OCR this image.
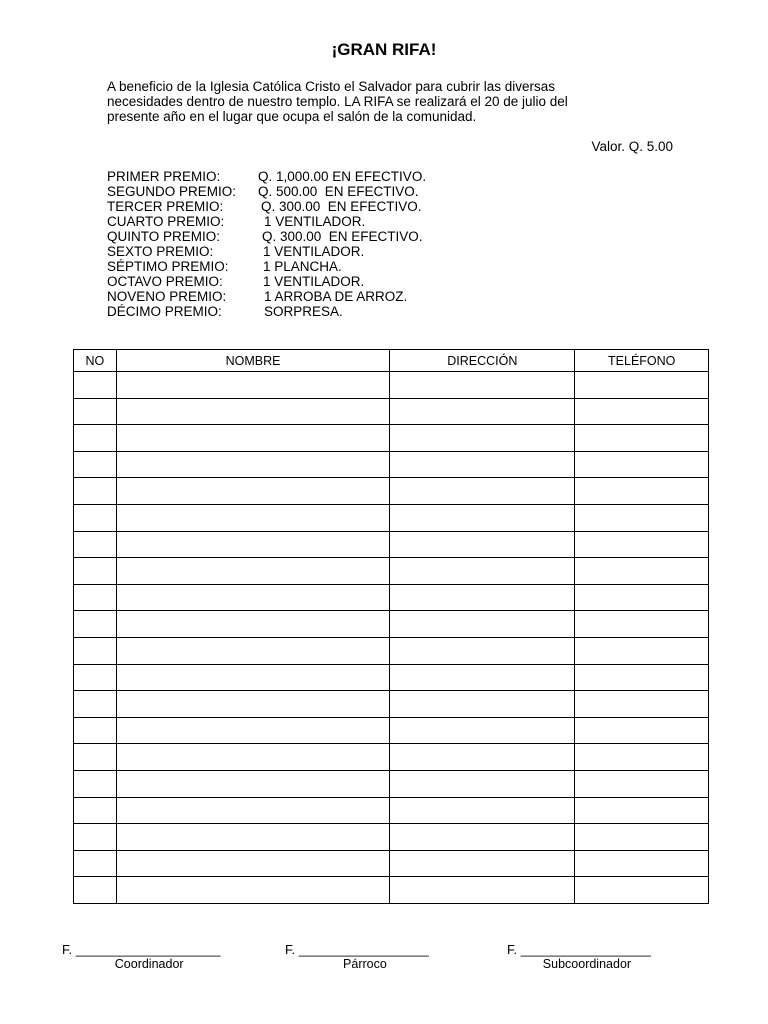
¡GRAN RIFA!
A beneficio de la Iglesia Católica Cristo el Salvador para cubrir las diversas
necesidades dentro de nuestro templo. LA RIFA se realizará el 20 de julio del
presente año en el lugar que ocupa el salón de la comunidad.
Valor. Q. 5.00
PRIMER PREMIO:	Q. 1,000.00 EN EFECTIVO.
SEGUNDO PREMIO: Q. 500.00  EN EFECTIVO.
TERCER PREMIO:	Q. 300.00  EN EFECTIVO.
CUARTO PREMIO:	1 VENTILADOR.
QUINTO PREMIO:	Q. 300.00  EN EFECTIVO.
SEXTO PREMIO:	1 VENTILADOR.
SÉPTIMO PREMIO:	1 PLANCHA.
OCTAVO PREMIO:	1 VENTILADOR.
NOVENO PREMIO:	1 ARROBA DE ARROZ.
DÉCIMO PREMIO:	SORPRESA.
NO	NOMBRE	DIRECCIÓN	TELÉFONO

F. ____________________
Coordinador
F. __________________
Párroco
F. __________________
Subcoordinador
